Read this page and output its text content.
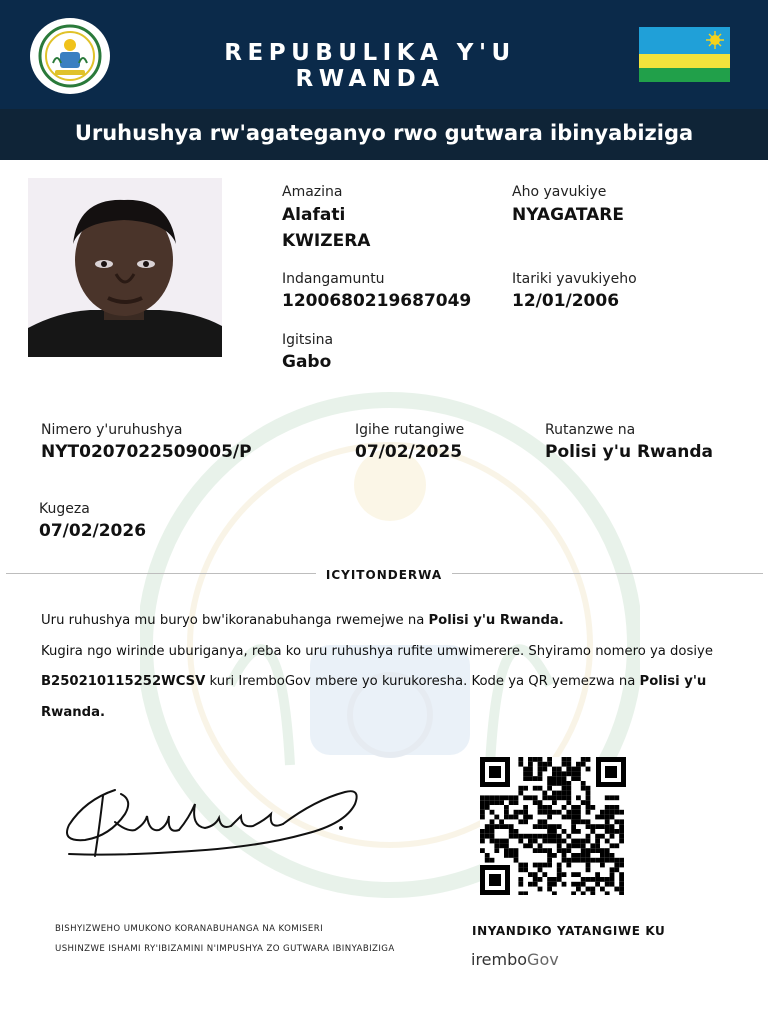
REPUBULIKA Y'U RWANDA
Uruhushya rw'agateganyo rwo gutwara ibinyabiziga
Amazina
Alafati
KWIZERA
Aho yavukiye
NYAGATARE
Indangamuntu
1200680219687049
Itariki yavukiyeho
12/01/2006
Igitsina
Gabo
Nimero y'uruhushya
NYT0207022509005/P
Igihe rutangiwe
07/02/2025
Rutanzwe na
Polisi y'u Rwanda
Kugeza
07/02/2026
ICYITONDERWA
Uru ruhushya mu buryo bw'ikoranabuhanga rwemejwe na Polisi y'u Rwanda.
Kugira ngo wirinde uburiganya, reba ko uru ruhushya rufite umwimerere. Shyiramo nomero ya dosiye B250210115252WCSV kuri IremboGov mbere yo kurukoresha. Kode ya QR yemezwa na Polisi y'u Rwanda.
BISHYIZWEHO UMUKONO KORANABUHANGA NA KOMISERI
USHINZWE ISHAMI RY'IBIZAMINI N'IMPUSHYA ZO GUTWARA IBINYABIZIGA
INYANDIKO YATANGIWE KU
iremboGov
